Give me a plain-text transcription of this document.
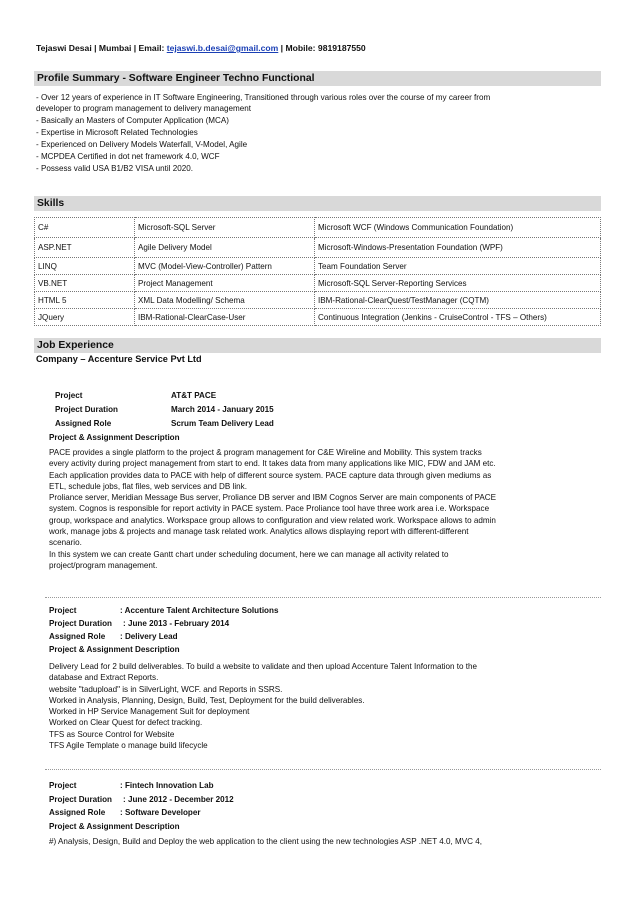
Tejaswi Desai | Mumbai | Email: tejaswi.b.desai@gmail.com | Mobile: 9819187550
Profile Summary - Software Engineer Techno Functional
- Over 12 years of experience in IT Software Engineering, Transitioned through various roles over the course of my career from
developer to program management to delivery management
- Basically an Masters of Computer Application (MCA)
- Expertise in Microsoft Related Technologies
- Experienced on Delivery Models Waterfall, V-Model, Agile
- MCPDEA Certified in dot net framework 4.0, WCF
- Possess valid USA B1/B2 VISA until 2020.
Skills
C#	Microsoft-SQL Server	Microsoft WCF (Windows Communication Foundation)
ASP.NET	Agile Delivery Model	Microsoft-Windows-Presentation Foundation (WPF)
LINQ	MVC (Model-View-Controller) Pattern	Team Foundation Server
VB.NET	Project Management	Microsoft-SQL Server-Reporting Services
HTML 5	XML Data Modelling/ Schema	IBM-Rational-ClearQuest/TestManager (CQTM)
JQuery	IBM-Rational-ClearCase-User	Continuous Integration (Jenkins - CruiseControl - TFS – Others)
Job Experience
Company – Accenture Service Pvt Ltd
Project	AT&T PACE
Project Duration	March 2014 - January 2015
Assigned Role	Scrum Team Delivery Lead
Project & Assignment Description
PACE provides a single platform to the project & program management for C&E Wireline and Mobility. This system tracks
every activity during project management from start to end. It takes data from many applications like MIC, FDW and JAM etc.
Each application provides data to PACE with help of different source system. PACE capture data through given mediums as
ETL, schedule jobs, flat files, web services and DB link.
Proliance server, Meridian Message Bus server, Proliance DB server and IBM Cognos Server are main components of PACE
system. Cognos is responsible for report activity in PACE system. Pace Proliance tool have three work area i.e. Workspace
group, workspace and analytics. Workspace group allows to configuration and view related work. Workspace allows to admin
work, manage jobs & projects and manage task related work. Analytics allows displaying report with different-different
scenario.
In this system we can create Gantt chart under scheduling document, here we can manage all activity related to
project/program management.
Project	: Accenture Talent Architecture Solutions
Project Duration : June 2013 - February 2014
Assigned Role : Delivery Lead
Project & Assignment Description
Delivery Lead for 2 build deliverables. To build a website to validate and then upload Accenture Talent Information to the
database and Extract Reports.
website "tadupload" is in SilverLight, WCF. and Reports in SSRS.
Worked in Analysis, Planning, Design, Build, Test, Deployment for the build deliverables.
Worked in HP Service Management Suit for deployment
Worked on Clear Quest for defect tracking.
TFS as Source Control for Website
TFS Agile Template o manage build lifecycle
Project	: Fintech Innovation Lab
Project Duration : June 2012 - December 2012
Assigned Role : Software Developer
Project & Assignment Description
#) Analysis, Design, Build and Deploy the web application to the client using the new technologies ASP .NET 4.0, MVC 4,
